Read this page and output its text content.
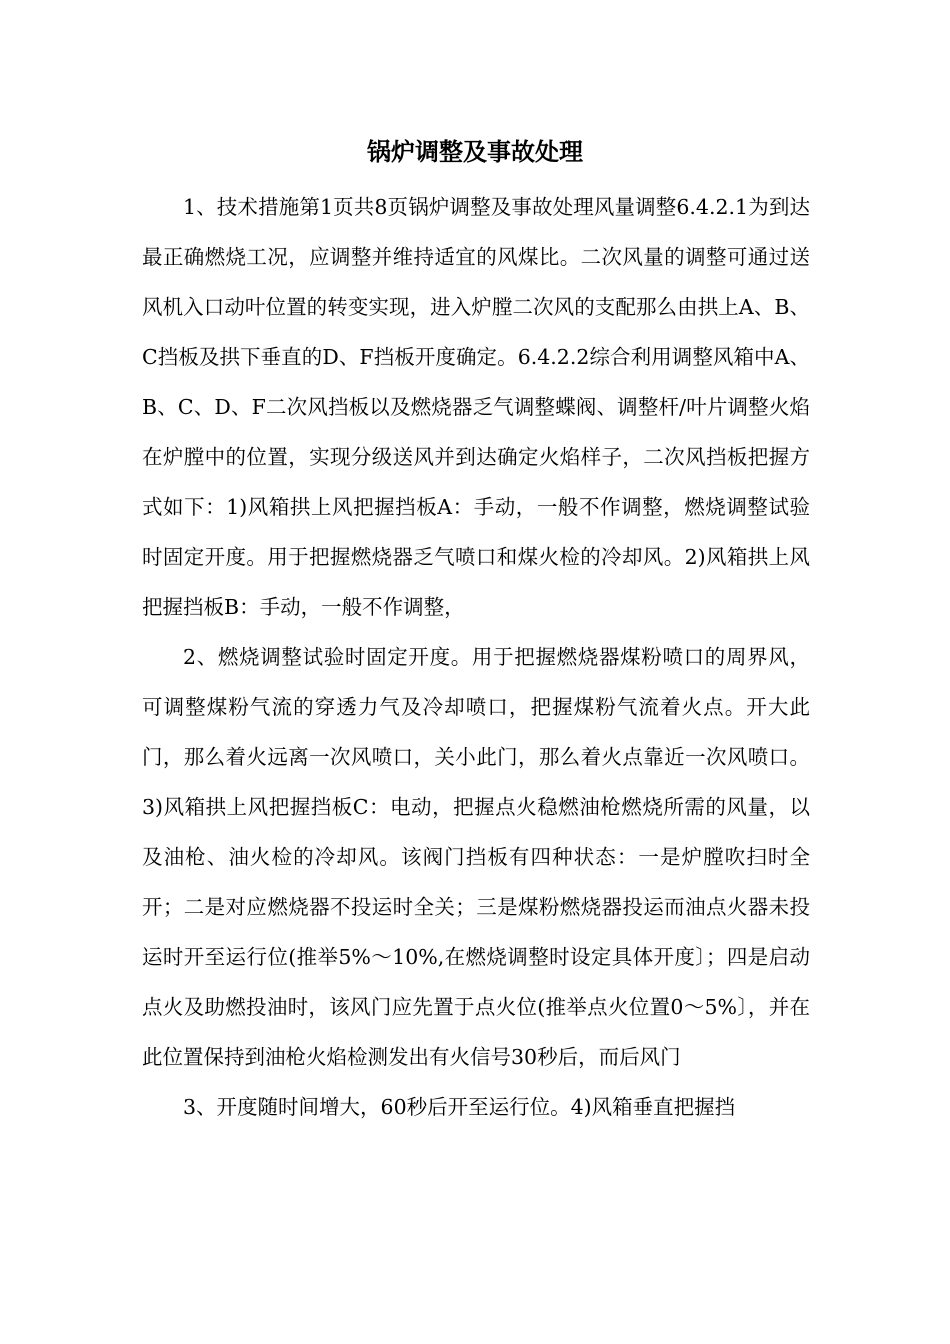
锅炉调整及事故处理

1、技术措施第1页共8页锅炉调整及事故处理风量调整6.4.2.1为到达最正确燃烧工况，应调整并维持适宜的风煤比。二次风量的调整可通过送风机入口动叶位置的转变实现，进入炉膛二次风的支配那么由拱上A、B、C挡板及拱下垂直的D、F挡板开度确定。6.4.2.2综合利用调整风箱中A、B、C、D、F二次风挡板以及燃烧器乏气调整蝶阀、调整杆/叶片调整火焰在炉膛中的位置，实现分级送风并到达确定火焰样子，二次风挡板把握方式如下：1)风箱拱上风把握挡板A：手动，一般不作调整，燃烧调整试验时固定开度。用于把握燃烧器乏气喷口和煤火检的冷却风。2)风箱拱上风把握挡板B：手动，一般不作调整，

2、燃烧调整试验时固定开度。用于把握燃烧器煤粉喷口的周界风，可调整煤粉气流的穿透力气及冷却喷口，把握煤粉气流着火点。开大此门，那么着火远离一次风喷口，关小此门，那么着火点靠近一次风喷口。3)风箱拱上风把握挡板C：电动，把握点火稳燃油枪燃烧所需的风量，以及油枪、油火检的冷却风。该阀门挡板有四种状态：一是炉膛吹扫时全开；二是对应燃烧器不投运时全关；三是煤粉燃烧器投运而油点火器未投运时开至运行位(推举5%～10%,在燃烧调整时设定具体开度〕；四是启动点火及助燃投油时，该风门应先置于点火位(推举点火位置0～5%〕，并在此位置保持到油枪火焰检测发出有火信号30秒后，而后风门

3、开度随时间增大，60秒后开至运行位。4)风箱垂直把握挡
